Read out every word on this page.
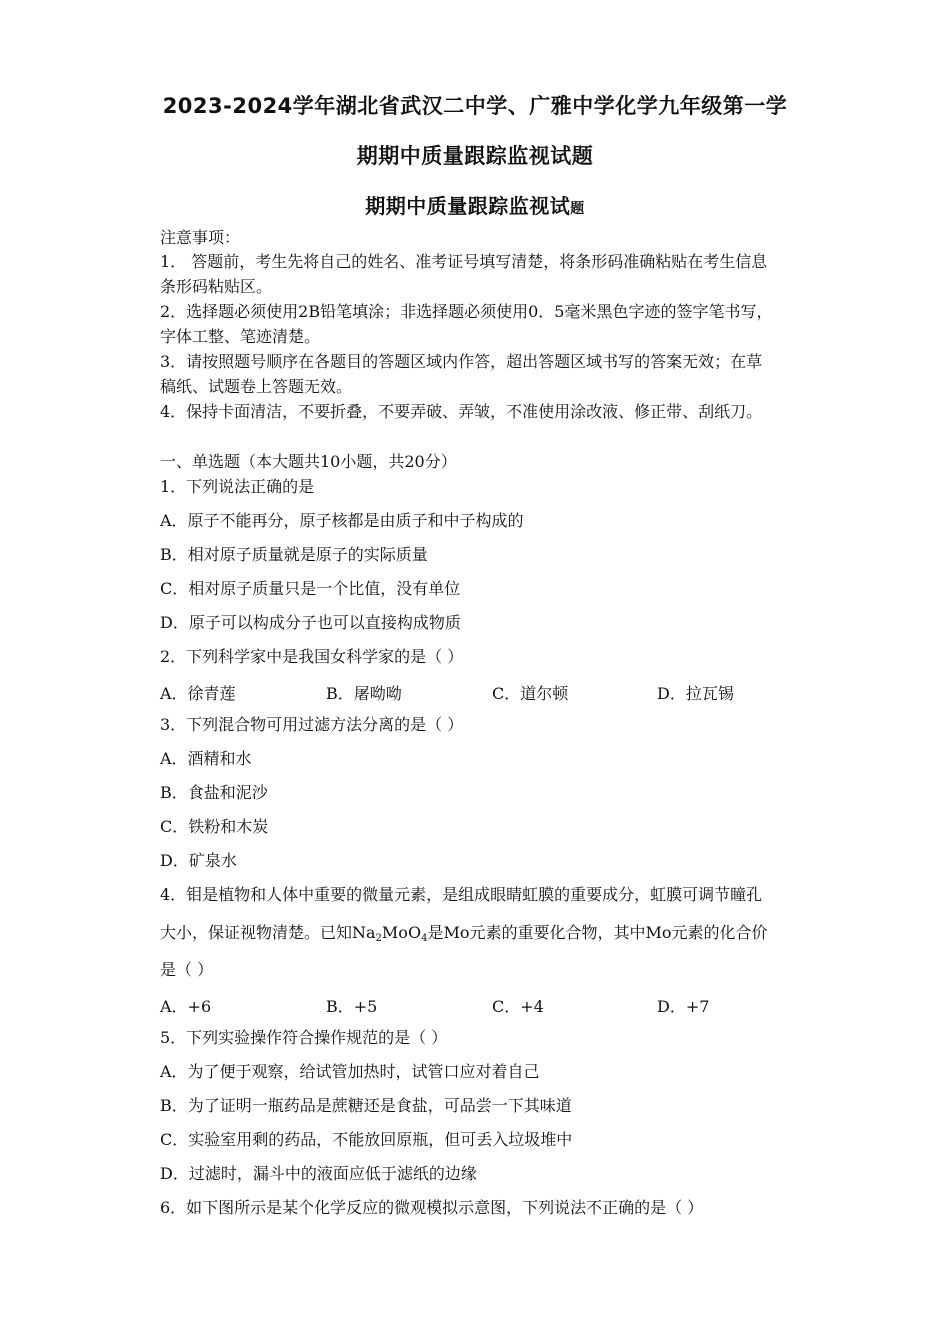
2023-2024学年湖北省武汉二中学、广雅中学化学九年级第一学
期期中质量跟踪监视试题
期期中质量跟踪监视试题
注意事项：
1． 答题前，考生先将自己的姓名、准考证号填写清楚，将条形码准确粘贴在考生信息
条形码粘贴区。
2．选择题必须使用2B铅笔填涂；非选择题必须使用0．5毫米黑色字迹的签字笔书写，
字体工整、笔迹清楚。
3．请按照题号顺序在各题目的答题区域内作答，超出答题区域书写的答案无效；在草
稿纸、试题卷上答题无效。
4．保持卡面清洁，不要折叠，不要弄破、弄皱，不准使用涂改液、修正带、刮纸刀。
一、单选题（本大题共10小题，共20分）
1．下列说法正确的是
A．原子不能再分，原子核都是由质子和中子构成的
B．相对原子质量就是原子的实际质量
C．相对原子质量只是一个比值，没有单位
D．原子可以构成分子也可以直接构成物质
2．下列科学家中是我国女科学家的是（ ）
A．徐青莲	B．屠呦呦	C．道尔顿	D．拉瓦锡
3．下列混合物可用过滤方法分离的是（ ）
A．酒精和水
B．食盐和泥沙
C．铁粉和木炭
D．矿泉水
4．钼是植物和人体中重要的微量元素，是组成眼睛虹膜的重要成分，虹膜可调节瞳孔
大小，保证视物清楚。已知$Na_2MoO_4$是Mo元素的重要化合物，其中Mo元素的化合价
是（ ）
A．+6	B．+5	C．+4	D．+7
5．下列实验操作符合操作规范的是（ ）
A．为了便于观察，给试管加热时，试管口应对着自己
B．为了证明一瓶药品是蔗糖还是食盐，可品尝一下其味道
C．实验室用剩的药品，不能放回原瓶，但可丢入垃圾堆中
D．过滤时，漏斗中的液面应低于滤纸的边缘
6．如下图所示是某个化学反应的微观模拟示意图，下列说法不正确的是（ ）
